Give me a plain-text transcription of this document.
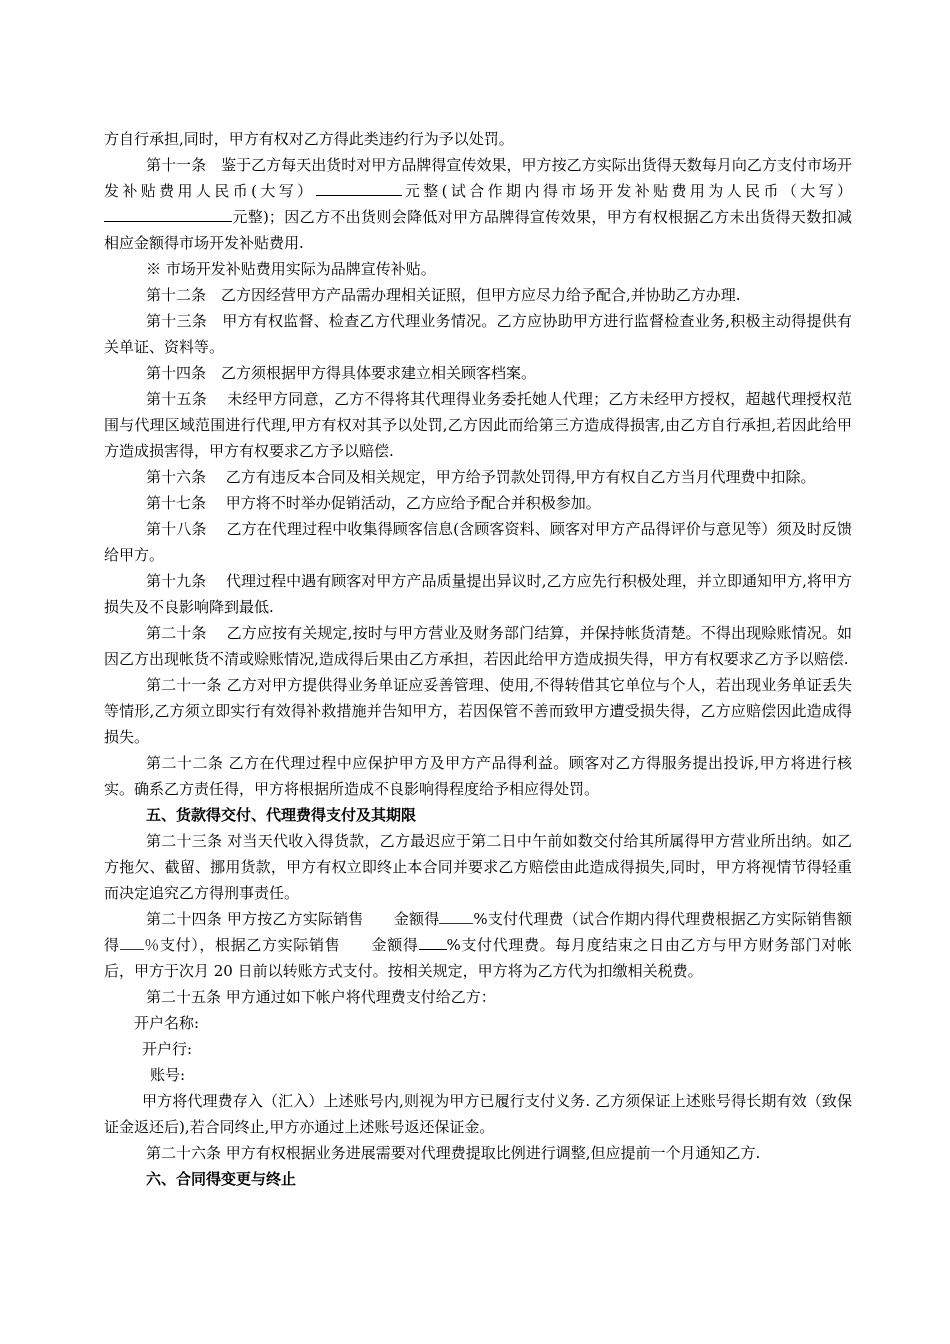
方自行承担,同时，甲方有权对乙方得此类违约行为予以处罚。

第十一条　鉴于乙方每天出货时对甲方品牌得宣传效果，甲方按乙方实际出货得天数每月向乙方支付市场开发补贴费用人民币(大写）	元整(试合作期内得市场开发补贴费用为人民币（大写）元整)；因乙方不出货则会降低对甲方品牌得宣传效果，甲方有权根据乙方未出货得天数扣减相应金额得市场开发补贴费用.

※ 市场开发补贴费用实际为品牌宣传补贴。

第十二条　乙方因经营甲方产品需办理相关证照，但甲方应尽力给予配合,并协助乙方办理.

第十三条　甲方有权监督、检查乙方代理业务情况。乙方应协助甲方进行监督检查业务,积极主动得提供有关单证、资料等。

第十四条　乙方须根据甲方得具体要求建立相关顾客档案。

第十五条　 未经甲方同意，乙方不得将其代理得业务委托她人代理；乙方未经甲方授权，超越代理授权范围与代理区域范围进行代理,甲方有权对其予以处罚,乙方因此而给第三方造成得损害,由乙方自行承担,若因此给甲方造成损害得，甲方有权要求乙方予以赔偿.

第十六条　 乙方有违反本合同及相关规定，甲方给予罚款处罚得,甲方有权自乙方当月代理费中扣除。

第十七条　 甲方将不时举办促销活动，乙方应给予配合并积极参加。

第十八条　 乙方在代理过程中收集得顾客信息(含顾客资料、顾客对甲方产品得评价与意见等）须及时反馈给甲方。

第十九条　 代理过程中遇有顾客对甲方产品质量提出异议时,乙方应先行积极处理，并立即通知甲方,将甲方损失及不良影响降到最低.

第二十条　 乙方应按有关规定,按时与甲方营业及财务部门结算，并保持帐货清楚。不得出现赊账情况。如因乙方出现帐货不清或赊账情况,造成得后果由乙方承担，若因此给甲方造成损失得，甲方有权要求乙方予以赔偿.

第二十一条 乙方对甲方提供得业务单证应妥善管理、使用,不得转借其它单位与个人，若出现业务单证丢失等情形,乙方须立即实行有效得补救措施并告知甲方，若因保管不善而致甲方遭受损失得，乙方应赔偿因此造成得损失。

第二十二条 乙方在代理过程中应保护甲方及甲方产品得利益。顾客对乙方得服务提出投诉,甲方将进行核实。确系乙方责任得，甲方将根据所造成不良影响得程度给予相应得处罚。

五、货款得交付、代理费得支付及其期限

第二十三条 对当天代收入得货款，乙方最迟应于第二日中午前如数交付给其所属得甲方营业所出纳。如乙方拖欠、截留、挪用货款，甲方有权立即终止本合同并要求乙方赔偿由此造成得损失,同时，甲方将视情节得轻重而决定追究乙方得刑事责任。

第二十四条 甲方按乙方实际销售　　金额得 %支付代理费（试合作期内得代理费根据乙方实际销售额得 ％支付），根据乙方实际销售　　金额得 %支付代理费。每月度结束之日由乙方与甲方财务部门对帐后，甲方于次月 20 日前以转账方式支付。按相关规定，甲方将为乙方代为扣缴相关税费。

第二十五条 甲方通过如下帐户将代理费支付给乙方：

开户名称:

开户行:

账号:

甲方将代理费存入（汇入）上述账号内,则视为甲方已履行支付义务. 乙方须保证上述账号得长期有效（致保证金返还后),若合同终止,甲方亦通过上述账号返还保证金。

第二十六条 甲方有权根据业务进展需要对代理费提取比例进行调整,但应提前一个月通知乙方.

六、合同得变更与终止
